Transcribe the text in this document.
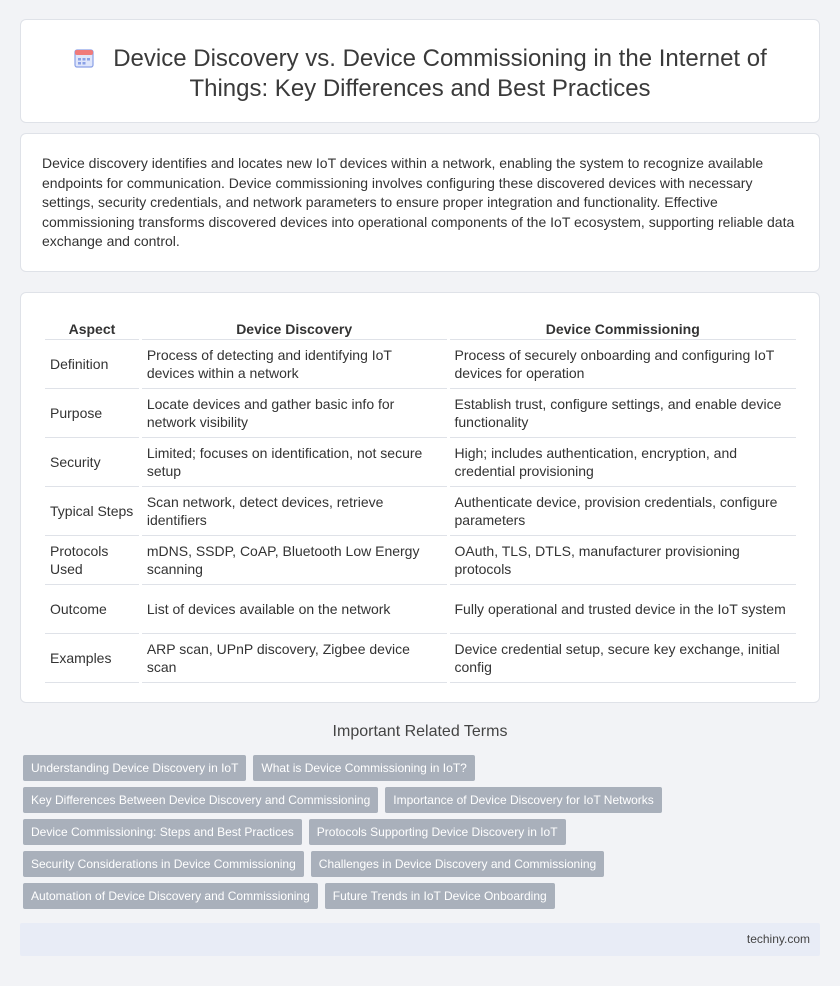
Device Discovery vs. Device Commissioning in the Internet of Things: Key Differences and Best Practices

Device discovery identifies and locates new IoT devices within a network, enabling the system to recognize available endpoints for communication. Device commissioning involves configuring these discovered devices with necessary settings, security credentials, and network parameters to ensure proper integration and functionality. Effective commissioning transforms discovered devices into operational components of the IoT ecosystem, supporting reliable data exchange and control.

Aspect	Device Discovery	Device Commissioning
Definition	Process of detecting and identifying IoT devices within a network	Process of securely onboarding and configuring IoT devices for operation
Purpose	Locate devices and gather basic info for network visibility	Establish trust, configure settings, and enable device functionality
Security	Limited; focuses on identification, not secure setup	High; includes authentication, encryption, and credential provisioning
Typical Steps	Scan network, detect devices, retrieve identifiers	Authenticate device, provision credentials, configure parameters
Protocols Used	mDNS, SSDP, CoAP, Bluetooth Low Energy scanning	OAuth, TLS, DTLS, manufacturer provisioning protocols
Outcome	List of devices available on the network	Fully operational and trusted device in the IoT system
Examples	ARP scan, UPnP discovery, Zigbee device scan	Device credential setup, secure key exchange, initial config
Important Related Terms
Understanding Device Discovery in IoT	What is Device Commissioning in IoT?
Key Differences Between Device Discovery and Commissioning	Importance of Device Discovery for IoT Networks
Device Commissioning: Steps and Best Practices	Protocols Supporting Device Discovery in IoT
Security Considerations in Device Commissioning	Challenges in Device Discovery and Commissioning
Automation of Device Discovery and Commissioning	Future Trends in IoT Device Onboarding
techiny.com
